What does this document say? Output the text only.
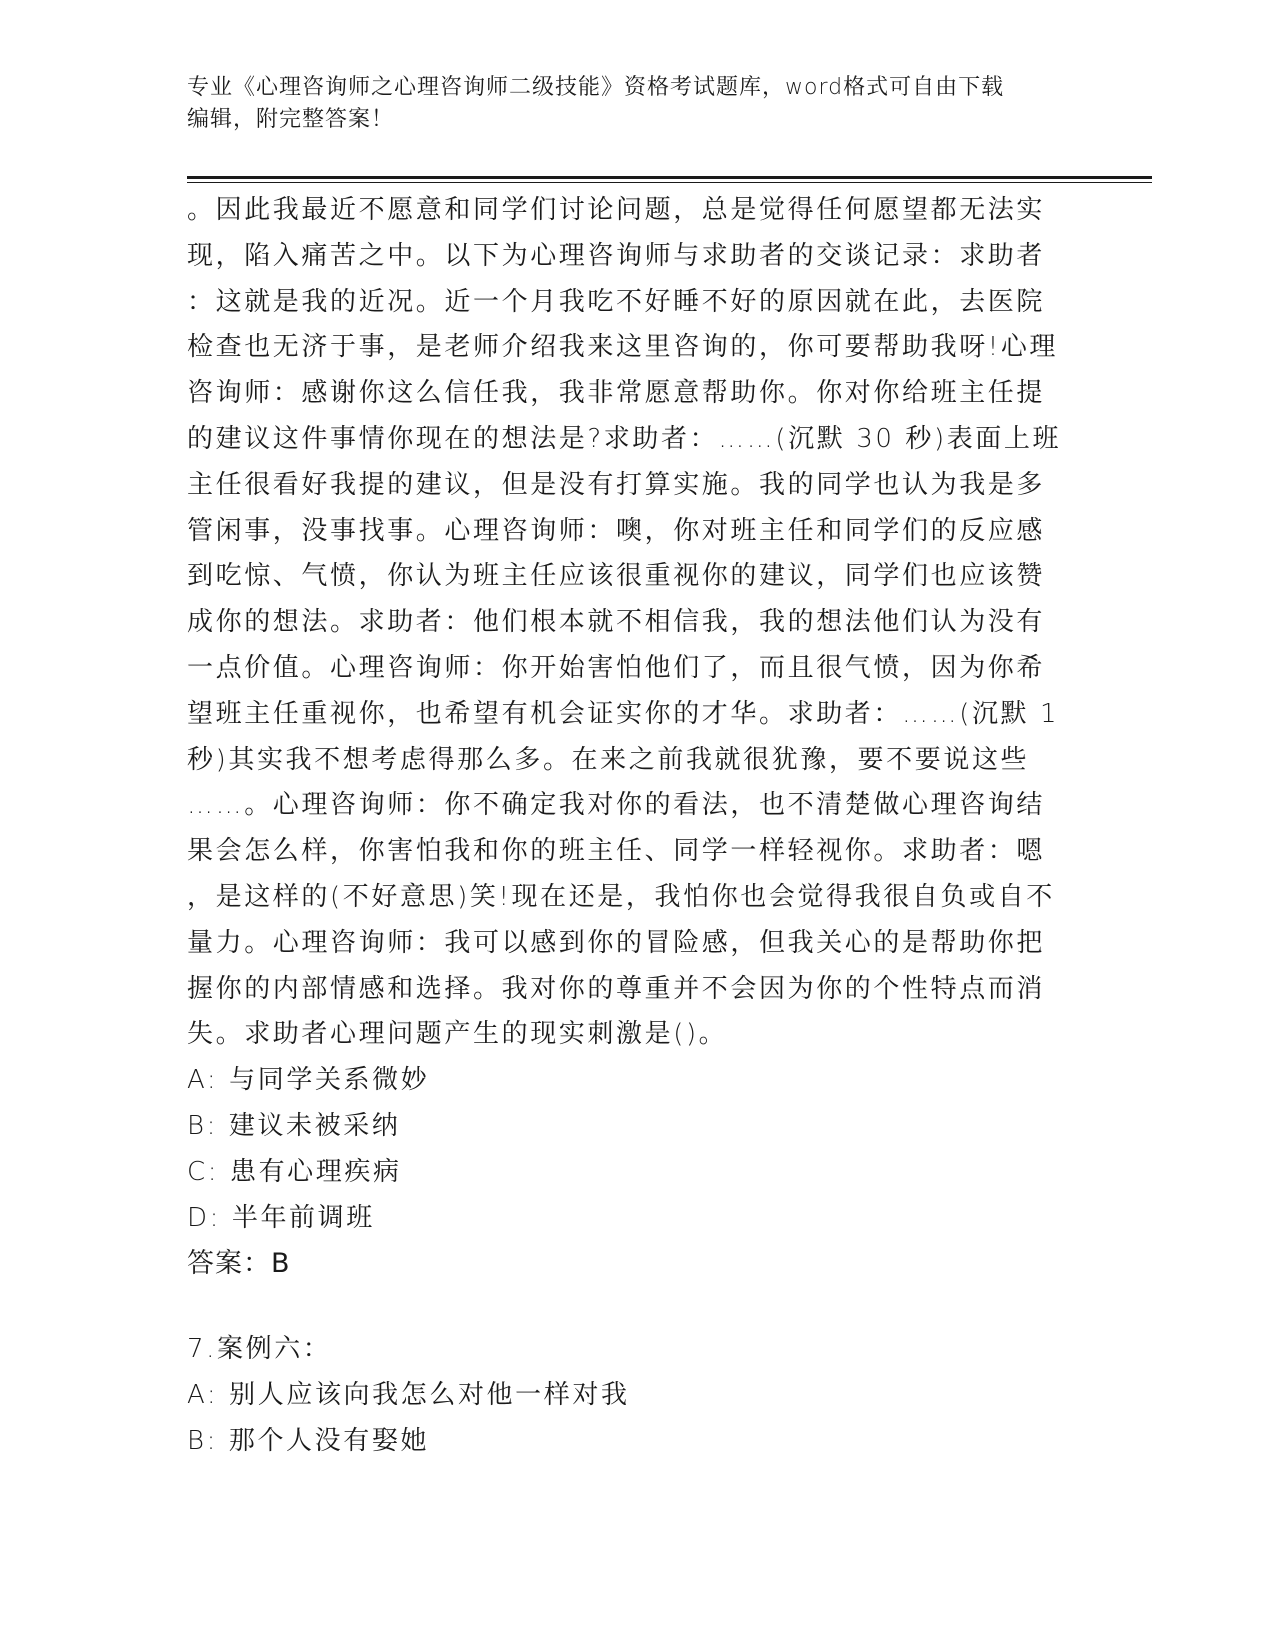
专业《心理咨询师之心理咨询师二级技能》资格考试题库，word格式可自由下载
编辑，附完整答案！
。因此我最近不愿意和同学们讨论问题，总是觉得任何愿望都无法实
现，陷入痛苦之中。以下为心理咨询师与求助者的交谈记录：求助者
：这就是我的近况。近一个月我吃不好睡不好的原因就在此，去医院
检查也无济于事，是老师介绍我来这里咨询的，你可要帮助我呀!心理
咨询师：感谢你这么信任我，我非常愿意帮助你。你对你给班主任提
的建议这件事情你现在的想法是?求助者：……(沉默 30 秒)表面上班
主任很看好我提的建议，但是没有打算实施。我的同学也认为我是多
管闲事，没事找事。心理咨询师：噢，你对班主任和同学们的反应感
到吃惊、气愤，你认为班主任应该很重视你的建议，同学们也应该赞
成你的想法。求助者：他们根本就不相信我，我的想法他们认为没有
一点价值。心理咨询师：你开始害怕他们了，而且很气愤，因为你希
望班主任重视你，也希望有机会证实你的才华。求助者：……(沉默 1
秒)其实我不想考虑得那么多。在来之前我就很犹豫，要不要说这些
……。心理咨询师：你不确定我对你的看法，也不清楚做心理咨询结
果会怎么样，你害怕我和你的班主任、同学一样轻视你。求助者：嗯
，是这样的(不好意思)笑!现在还是，我怕你也会觉得我很自负或自不
量力。心理咨询师：我可以感到你的冒险感，但我关心的是帮助你把
握你的内部情感和选择。我对你的尊重并不会因为你的个性特点而消
失。求助者心理问题产生的现实刺激是()。
A: 与同学关系微妙
B: 建议未被采纳
C: 患有心理疾病
D: 半年前调班
答案：B
7.案例六：
A: 别人应该向我怎么对他一样对我
B: 那个人没有娶她
